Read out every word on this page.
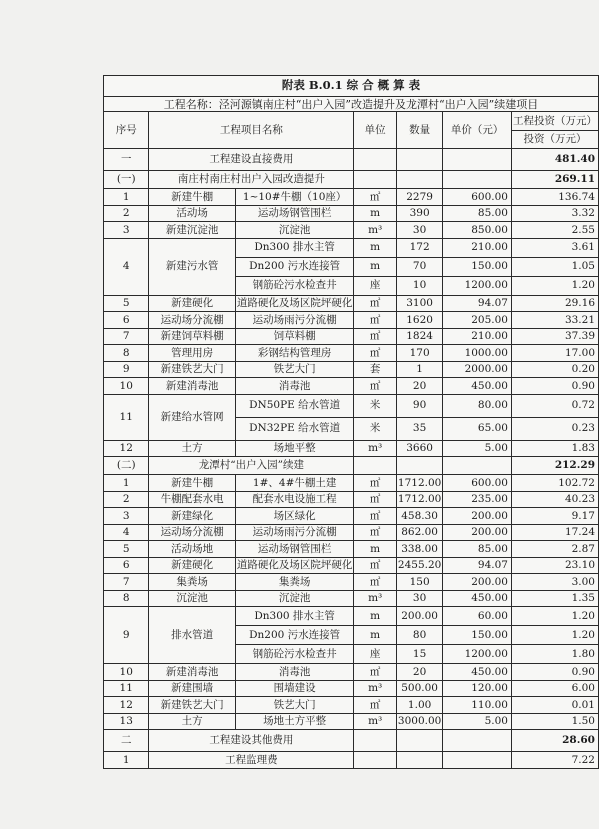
附表 B.0.1 综 合 概 算 表						
工程名称：泾河源镇南庄村“出户入园”改造提升及龙潭村“出户入园”续建项目						
序号	工程项目名称		单位	数量	单价（元）	工程投资（万元）
						投资（万元）
一	工程建设直接费用					481.40
(一)	南庄村南庄村出户入园改造提升					269.11
1	新建牛棚	1~10#牛棚（10座）	㎡	2279	600.00	136.74
2	活动场	运动场钢管围栏	m	390	85.00	3.32
3	新建沉淀池	沉淀池	m³	30	850.00	2.55
4	新建污水管	Dn300 排水主管	m	172	210.00	3.61
		Dn200 污水连接管	m	70	150.00	1.05
		钢筋砼污水检查井	座	10	1200.00	1.20
5	新建硬化	道路硬化及场区院坪硬化	㎡	3100	94.07	29.16
6	运动场分流棚	运动场雨污分流棚	㎡	1620	205.00	33.21
7	新建饲草料棚	饲草料棚	㎡	1824	210.00	37.39
8	管理用房	彩钢结构管理房	㎡	170	1000.00	17.00
9	新建铁艺大门	铁艺大门	套	1	2000.00	0.20
10	新建消毒池	消毒池	㎡	20	450.00	0.90
11	新建给水管网	DN50PE 给水管道	米	90	80.00	0.72
		DN32PE 给水管道	米	35	65.00	0.23
12	土方	场地平整	m³	3660	5.00	1.83
(二)	龙潭村“出户入园”续建					212.29
1	新建牛棚	1#、4#牛棚土建	㎡	1712.00	600.00	102.72
2	牛棚配套水电	配套水电设施工程	㎡	1712.00	235.00	40.23
3	新建绿化	场区绿化	㎡	458.30	200.00	9.17
4	运动场分流棚	运动场雨污分流棚	㎡	862.00	200.00	17.24
5	活动场地	运动场钢管围栏	m	338.00	85.00	2.87
6	新建硬化	道路硬化及场区院坪硬化	㎡	2455.20	94.07	23.10
7	集粪场	集粪场	㎡	150	200.00	3.00
8	沉淀池	沉淀池	m³	30	450.00	1.35
9	排水管道	Dn300 排水主管	m	200.00	60.00	1.20
		Dn200 污水连接管	m	80	150.00	1.20
		钢筋砼污水检查井	座	15	1200.00	1.80
10	新建消毒池	消毒池	㎡	20	450.00	0.90
11	新建围墙	围墙建设	m³	500.00	120.00	6.00
12	新建铁艺大门	铁艺大门	㎡	1.00	110.00	0.01
13	土方	场地土方平整	m³	3000.00	5.00	1.50
二	工程建设其他费用					28.60
1	工程监理费					7.22
